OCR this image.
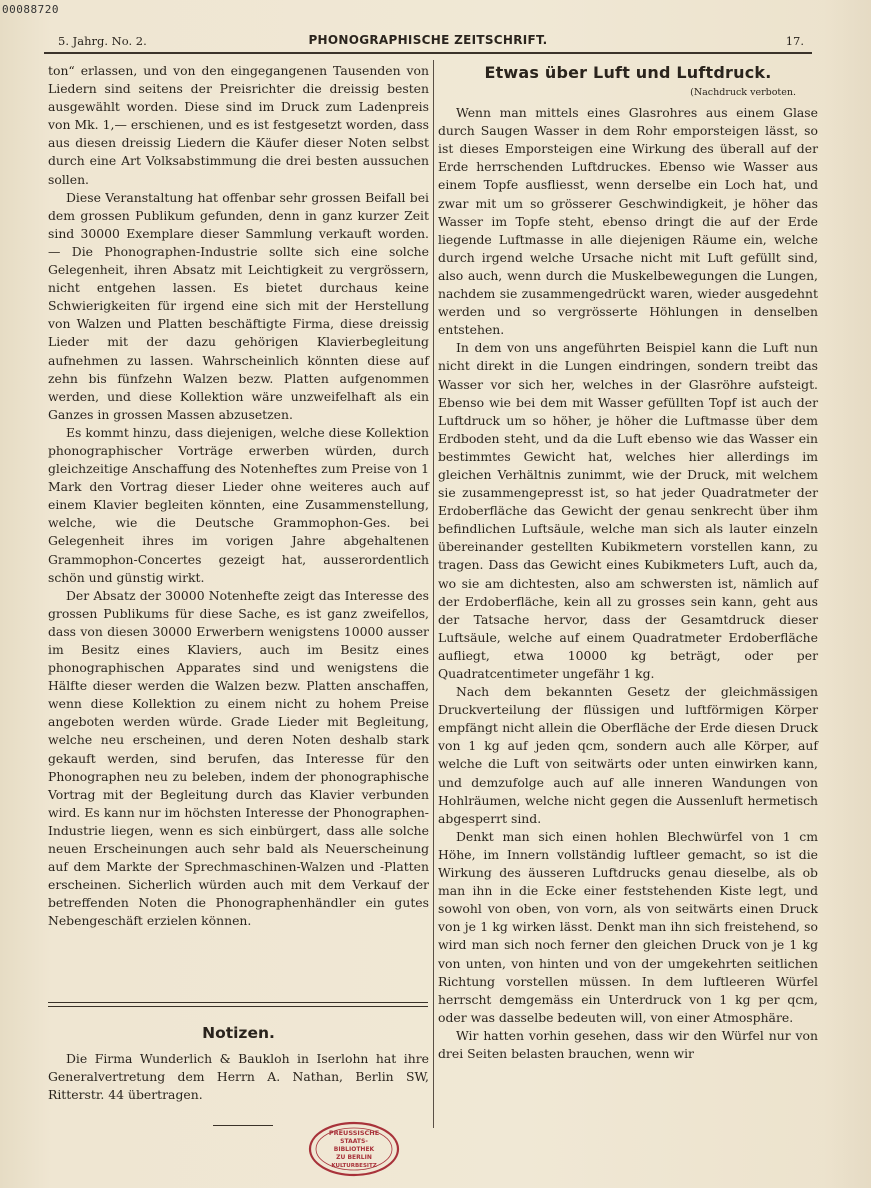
00088720
5. Jahrg. No. 2.	PHONOGRAPHISCHE ZEITSCHRIFT.	17.

ton“ erlassen, und von den eingegangenen Tausenden von Liedern sind seitens der Preisrichter die dreissig besten ausgewählt worden. Diese sind im Druck zum Ladenpreis von Mk. 1,— erschienen, und es ist festgesetzt worden, dass aus diesen dreissig Liedern die Käufer dieser Noten selbst durch eine Art Volksabstimmung die drei besten aussuchen sollen.

Diese Veranstaltung hat offenbar sehr grossen Beifall bei dem grossen Publikum gefunden, denn in ganz kurzer Zeit sind 30000 Exemplare dieser Sammlung verkauft worden. — Die Phonographen-Industrie sollte sich eine solche Gelegenheit, ihren Absatz mit Leichtigkeit zu vergrössern, nicht entgehen lassen. Es bietet durchaus keine Schwierigkeiten für irgend eine sich mit der Herstellung von Walzen und Platten beschäftigte Firma, diese dreissig Lieder mit der dazu gehörigen Klavierbegleitung aufnehmen zu lassen. Wahrscheinlich könnten diese auf zehn bis fünfzehn Walzen bezw. Platten aufgenommen werden, und diese Kollektion wäre unzweifelhaft als ein Ganzes in grossen Massen abzusetzen.

Es kommt hinzu, dass diejenigen, welche diese Kollektion phonographischer Vorträge erwerben würden, durch gleichzeitige Anschaffung des Notenheftes zum Preise von 1 Mark den Vortrag dieser Lieder ohne weiteres auch auf einem Klavier begleiten könnten, eine Zusammenstellung, welche, wie die Deutsche Grammophon-Ges. bei Gelegenheit ihres im vorigen Jahre abgehaltenen Grammophon-Concertes gezeigt hat, ausserordentlich schön und günstig wirkt.

Der Absatz der 30000 Notenhefte zeigt das Interesse des grossen Publikums für diese Sache, es ist ganz zweifellos, dass von diesen 30000 Erwerbern wenigstens 10000 ausser im Besitz eines Klaviers, auch im Besitz eines phonographischen Apparates sind und wenigstens die Hälfte dieser werden die Walzen bezw. Platten anschaffen, wenn diese Kollektion zu einem nicht zu hohem Preise angeboten werden würde. Grade Lieder mit Begleitung, welche neu erscheinen, und deren Noten deshalb stark gekauft werden, sind berufen, das Interesse für den Phonographen neu zu beleben, indem der phonographische Vortrag mit der Begleitung durch das Klavier verbunden wird. Es kann nur im höchsten Interesse der Phonographen-Industrie liegen, wenn es sich einbürgert, dass alle solche neuen Erscheinungen auch sehr bald als Neuerscheinung auf dem Markte der Sprechmaschinen-Walzen und -Platten erscheinen. Sicherlich würden auch mit dem Verkauf der betreffenden Noten die Phonographenhändler ein gutes Nebengeschäft erzielen können.

Notizen.

Die Firma Wunderlich & Baukloh in Iserlohn hat ihre Generalvertretung dem Herrn A. Nathan, Berlin SW, Ritterstr. 44 übertragen.

PREUSSISCHE
STAATS-
BIBLIOTHEK
ZU BERLIN
KULTURBESITZ
Etwas über Luft und Luftdruck.
(Nachdruck verboten.

Wenn man mittels eines Glasrohres aus einem Glase durch Saugen Wasser in dem Rohr emporsteigen lässt, so ist dieses Emporsteigen eine Wirkung des überall auf der Erde herrschenden Luftdruckes. Ebenso wie Wasser aus einem Topfe ausfliesst, wenn derselbe ein Loch hat, und zwar mit um so grösserer Geschwindigkeit, je höher das Wasser im Topfe steht, ebenso dringt die auf der Erde liegende Luftmasse in alle diejenigen Räume ein, welche durch irgend welche Ursache nicht mit Luft gefüllt sind, also auch, wenn durch die Muskelbewegungen die Lungen, nachdem sie zusammengedrückt waren, wieder ausgedehnt werden und so vergrösserte Höhlungen in denselben entstehen.

In dem von uns angeführten Beispiel kann die Luft nun nicht direkt in die Lungen eindringen, sondern treibt das Wasser vor sich her, welches in der Glasröhre aufsteigt. Ebenso wie bei dem mit Wasser gefüllten Topf ist auch der Luftdruck um so höher, je höher die Luftmasse über dem Erdboden steht, und da die Luft ebenso wie das Wasser ein bestimmtes Gewicht hat, welches hier allerdings im gleichen Verhältnis zunimmt, wie der Druck, mit welchem sie zusammengepresst ist, so hat jeder Quadratmeter der Erdoberfläche das Gewicht der genau senkrecht über ihm befindlichen Luftsäule, welche man sich als lauter einzeln übereinander gestellten Kubikmetern vorstellen kann, zu tragen. Dass das Gewicht eines Kubikmeters Luft, auch da, wo sie am dichtesten, also am schwersten ist, nämlich auf der Erdoberfläche, kein all zu grosses sein kann, geht aus der Tatsache hervor, dass der Gesamtdruck dieser Luftsäule, welche auf einem Quadratmeter Erdoberfläche aufliegt, etwa 10000 kg beträgt, oder per Quadratcentimeter ungefähr 1 kg.

Nach dem bekannten Gesetz der gleichmässigen Druckverteilung der flüssigen und luftförmigen Körper empfängt nicht allein die Oberfläche der Erde diesen Druck von 1 kg auf jeden qcm, sondern auch alle Körper, auf welche die Luft von seitwärts oder unten einwirken kann, und demzufolge auch auf alle inneren Wandungen von Hohlräumen, welche nicht gegen die Aussenluft hermetisch abgesperrt sind.

Denkt man sich einen hohlen Blechwürfel von 1 cm Höhe, im Innern vollständig luftleer gemacht, so ist die Wirkung des äusseren Luftdrucks genau dieselbe, als ob man ihn in die Ecke einer feststehenden Kiste legt, und sowohl von oben, von vorn, als von seitwärts einen Druck von je 1 kg wirken lässt. Denkt man ihn sich freistehend, so wird man sich noch ferner den gleichen Druck von je 1 kg von unten, von hinten und von der umgekehrten seitlichen Richtung vorstellen müssen. In dem luftleeren Würfel herrscht demgemäss ein Unterdruck von 1 kg per qcm, oder was dasselbe bedeuten will, von einer Atmosphäre.

Wir hatten vorhin gesehen, dass wir den Würfel nur von drei Seiten belasten brauchen, wenn wir
